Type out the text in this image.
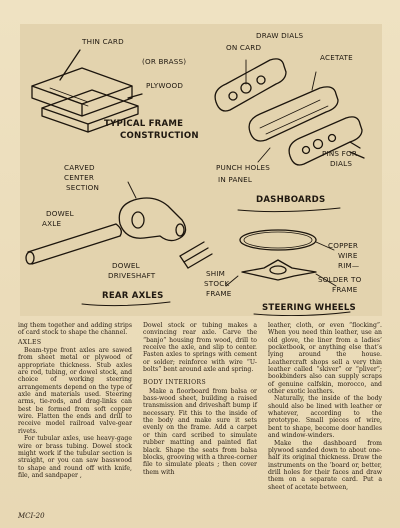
THIN CARD
(OR BRASS)
PLYWOOD
TYPICAL FRAME
CONSTRUCTION
DRAW DIALS
ON CARD
ACETATE
PINS FOR
DIALS
PUNCH HOLES
IN PANEL
DASHBOARDS
CARVED
CENTER
SECTION
DOWEL
AXLE
DOWEL
DRIVESHAFT
REAR AXLES
SHIM
STOCK
FRAME
COPPER
WIRE
RIM—
SOLDER TO
FRAME
STEERING WHEELS

ing them together and adding strips of card stock to shape the channel.

AXLES

Beam-type front axles are sawed from sheet metal or plywood of appropriate thickness. Stub axles are rod, tubing, or dowel stock, and choice of working steering arrangements depend on the type of axle and materials used. Steering arms, tie-rods, and drag-links can best be formed from soft copper wire. Flatten the ends and drill to receive model railroad valve-gear rivets.

For tubular axles, use heavy-gage wire or brass tubing. Dowel stock might work if the tubular section is straight, or you can saw basswood to shape and round off with knife, file, and sandpaper ,

Dowel stock or tubing makes a convincing rear axle. Carve the “banjo” housing from wood, drill to receive the axle, and slip to center. Fasten axles to springs with cement or solder; reinforce with wire “U-bolts” bent around axle and spring.

BODY INTERIORS

Make a floorboard from balsa or bass-wood sheet, building a raised transmission and driveshaft bump if necessary. Fit this to the inside of the body and make sure it sets evenly on the frame. Add a carpet or thin card scribed to simulate rubber matting and painted flat black. Shape the seats from balsa blocks, grooving with a three-corner file to simulate pleats ; then cover them with

leather, cloth, or even “flocking”. When you need thin leather, use an old glove, the liner from a ladies’ pocketbook, or anything else that’s lying around the house. Leathercraft shops sell a very thin leather called “skiver” or “pliver”; bookbinders also can supply scraps of genuine calfskin, morocco, and other exotic leathers.

Naturally, the inside of the body should also be lined with leather or whatever, according to the prototype. Small pieces of wire, bent to shape, become door handles and window-winders.

Make the dashboard from plywood sanded down to about one-half its original thickness. Draw the instruments on the ‘board or, better, drill holes for their faces and draw them on a separate card. Put a sheet of acetate between,

MCI-20
